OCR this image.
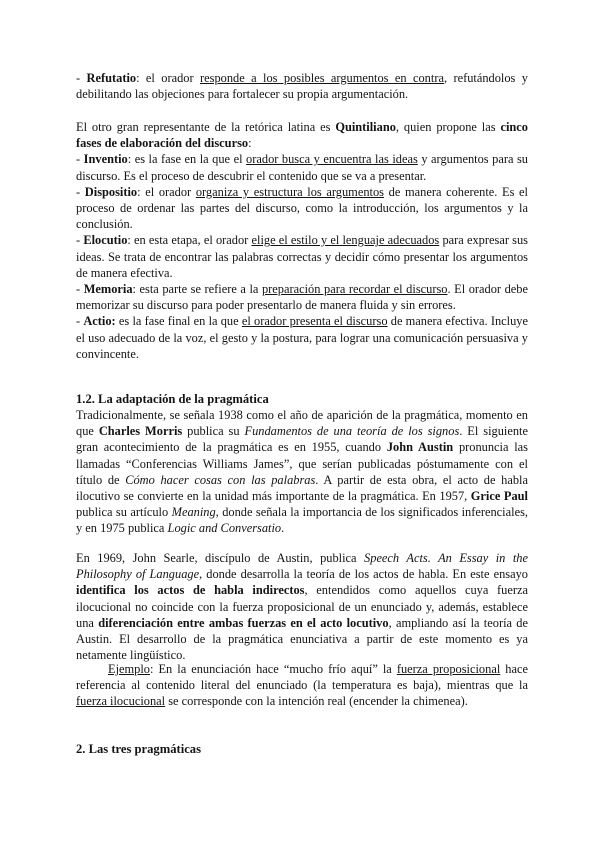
- Refutatio: el orador responde a los posibles argumentos en contra, refutándolos y debilitando las objeciones para fortalecer su propia argumentación.

El otro gran representante de la retórica latina es Quintiliano, quien propone las cinco fases de elaboración del discurso:
- Inventio: es la fase en la que el orador busca y encuentra las ideas y argumentos para su discurso. Es el proceso de descubrir el contenido que se va a presentar.
- Dispositio: el orador organiza y estructura los argumentos de manera coherente. Es el proceso de ordenar las partes del discurso, como la introducción, los argumentos y la conclusión.
- Elocutio: en esta etapa, el orador elige el estilo y el lenguaje adecuados para expresar sus ideas. Se trata de encontrar las palabras correctas y decidir cómo presentar los argumentos de manera efectiva.
- Memoria: esta parte se refiere a la preparación para recordar el discurso. El orador debe memorizar su discurso para poder presentarlo de manera fluida y sin errores.
- Actio: es la fase final en la que el orador presenta el discurso de manera efectiva. Incluye el uso adecuado de la voz, el gesto y la postura, para lograr una comunicación persuasiva y convincente.

1.2. La adaptación de la pragmática

Tradicionalmente, se señala 1938 como el año de aparición de la pragmática, momento en que Charles Morris publica su Fundamentos de una teoría de los signos. El siguiente gran acontecimiento de la pragmática es en 1955, cuando John Austin pronuncia las llamadas “Conferencias Williams James”, que serían publicadas póstumamente con el título de Cómo hacer cosas con las palabras. A partir de esta obra, el acto de habla ilocutivo se convierte en la unidad más importante de la pragmática. En 1957, Grice Paul publica su artículo Meaning, donde señala la importancia de los significados inferenciales, y en 1975 publica Logic and Conversatio.

En 1969, John Searle, discípulo de Austin, publica Speech Acts. An Essay in the Philosophy of Language, donde desarrolla la teoría de los actos de habla. En este ensayo identifica los actos de habla indirectos, entendidos como aquellos cuya fuerza ilocucional no coincide con la fuerza proposicional de un enunciado y, además, establece una diferenciación entre ambas fuerzas en el acto locutivo, ampliando así la teoría de Austin. El desarrollo de la pragmática enunciativa a partir de este momento es ya netamente lingüístico.

Ejemplo: En la enunciación hace “mucho frío aquí” la fuerza proposicional hace referencia al contenido literal del enunciado (la temperatura es baja), mientras que la fuerza ilocucional se corresponde con la intención real (encender la chimenea).

2. Las tres pragmáticas
